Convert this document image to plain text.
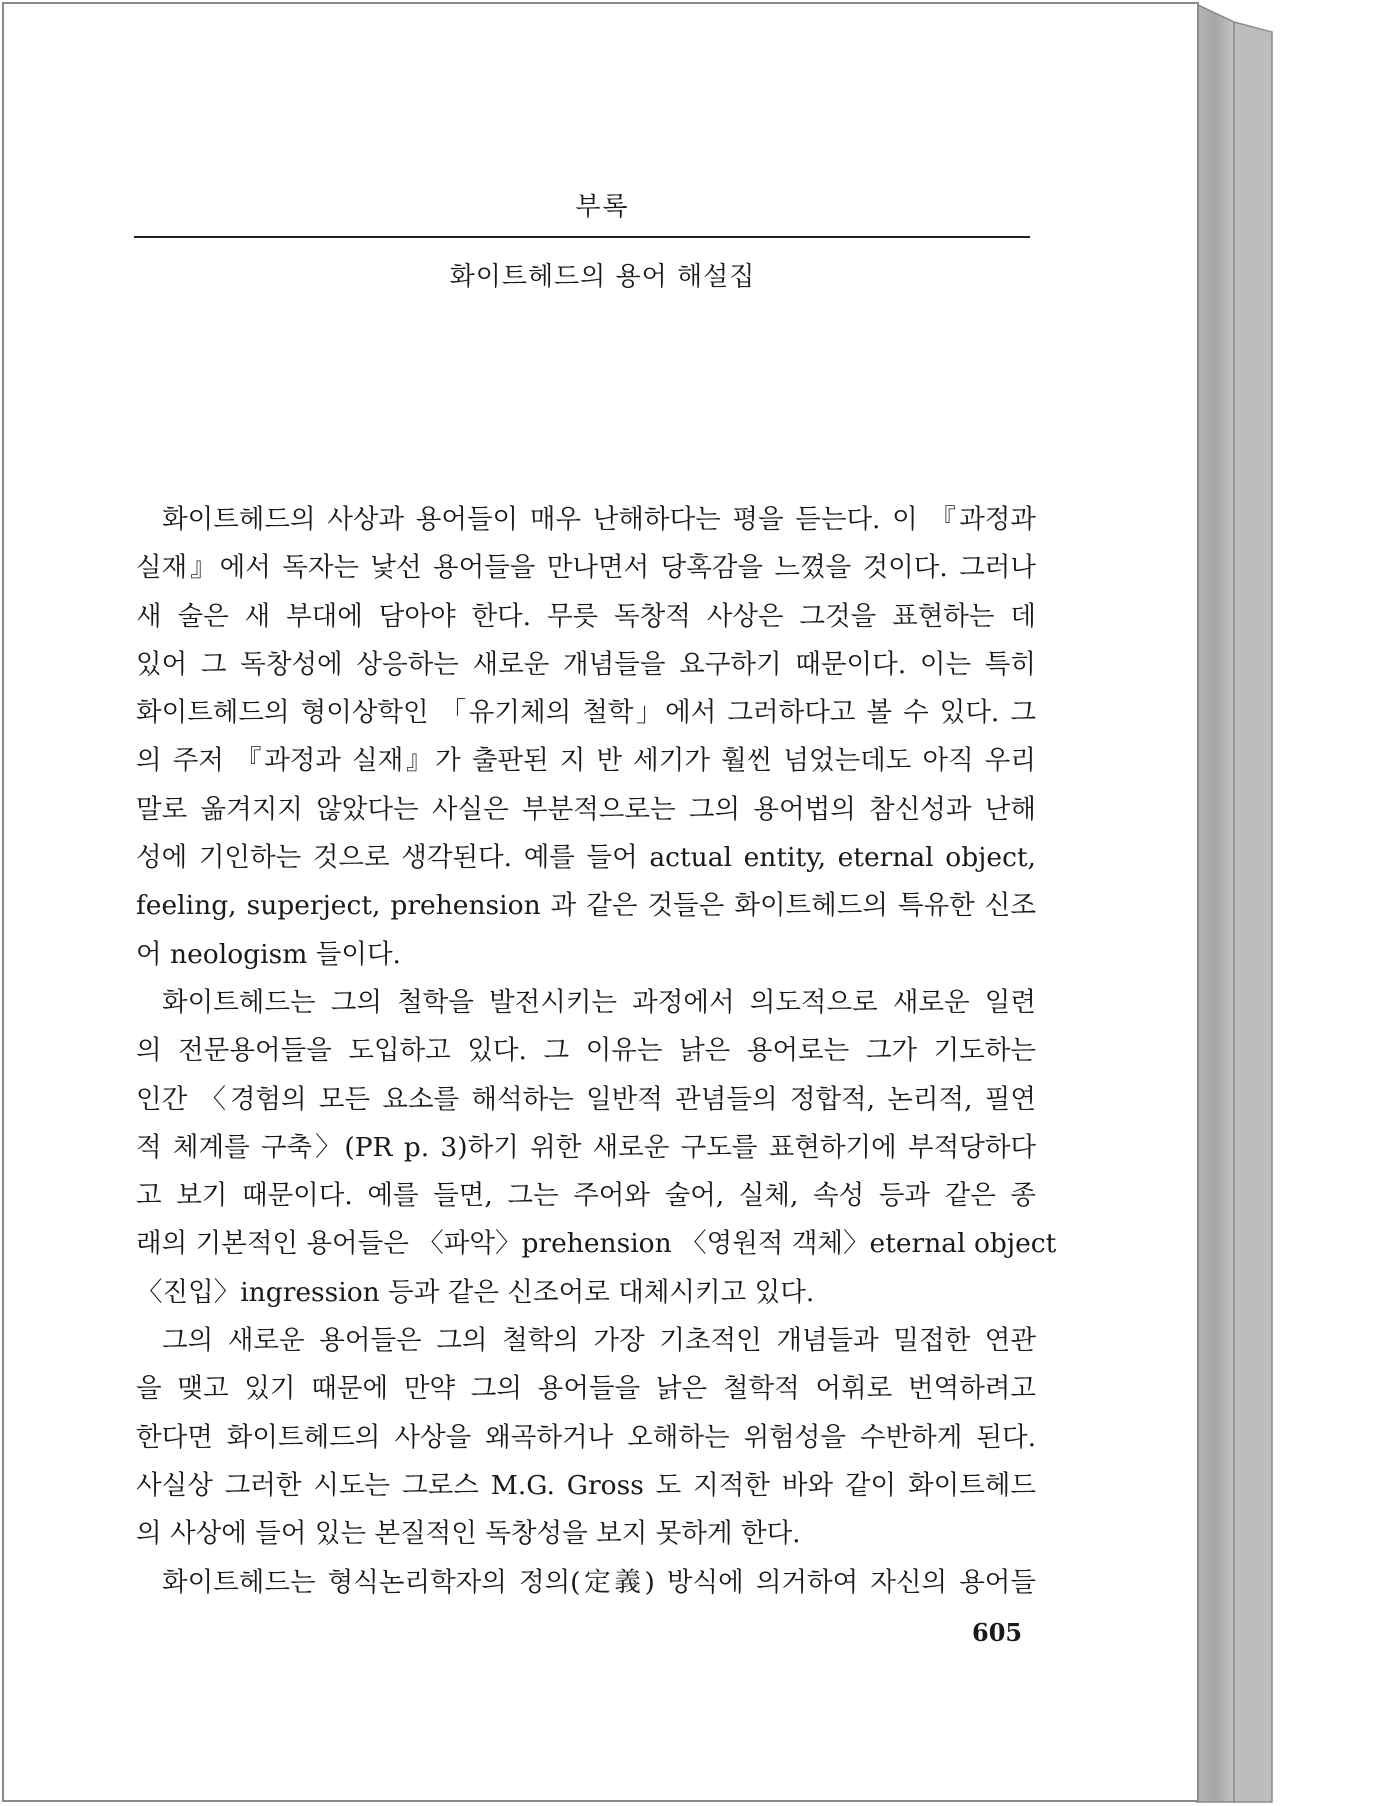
부록
화이트헤드의 용어 해설집
화이트헤드의 사상과 용어들이 매우 난해하다는 평을 듣는다. 이 『과정과
실재』에서 독자는 낯선 용어들을 만나면서 당혹감을 느꼈을 것이다. 그러나
새 술은 새 부대에 담아야 한다. 무릇 독창적 사상은 그것을 표현하는 데
있어 그 독창성에 상응하는 새로운 개념들을 요구하기 때문이다. 이는 특히
화이트헤드의 형이상학인 「유기체의 철학」에서 그러하다고 볼 수 있다. 그
의 주저 『과정과 실재』가 출판된 지 반 세기가 훨씬 넘었는데도 아직 우리
말로 옮겨지지 않았다는 사실은 부분적으로는 그의 용어법의 참신성과 난해
성에 기인하는 것으로 생각된다. 예를 들어 actual entity, eternal object,
feeling, superject, prehension 과 같은 것들은 화이트헤드의 특유한 신조
어 neologism 들이다.
화이트헤드는 그의 철학을 발전시키는 과정에서 의도적으로 새로운 일련
의 전문용어들을 도입하고 있다. 그 이유는 낡은 용어로는 그가 기도하는
인간 〈경험의 모든 요소를 해석하는 일반적 관념들의 정합적, 논리적, 필연
적 체계를 구축〉(PR p. 3)하기 위한 새로운 구도를 표현하기에 부적당하다
고 보기 때문이다. 예를 들면, 그는 주어와 술어, 실체, 속성 등과 같은 종
래의 기본적인 용어들은 〈파악〉prehension 〈영원적 객체〉eternal object
〈진입〉ingression 등과 같은 신조어로 대체시키고 있다.
그의 새로운 용어들은 그의 철학의 가장 기초적인 개념들과 밀접한 연관
을 맺고 있기 때문에 만약 그의 용어들을 낡은 철학적 어휘로 번역하려고
한다면 화이트헤드의 사상을 왜곡하거나 오해하는 위험성을 수반하게 된다.
사실상 그러한 시도는 그로스 M.G. Gross 도 지적한 바와 같이 화이트헤드
의 사상에 들어 있는 본질적인 독창성을 보지 못하게 한다.
화이트헤드는 형식논리학자의 정의(定義) 방식에 의거하여 자신의 용어들
605
